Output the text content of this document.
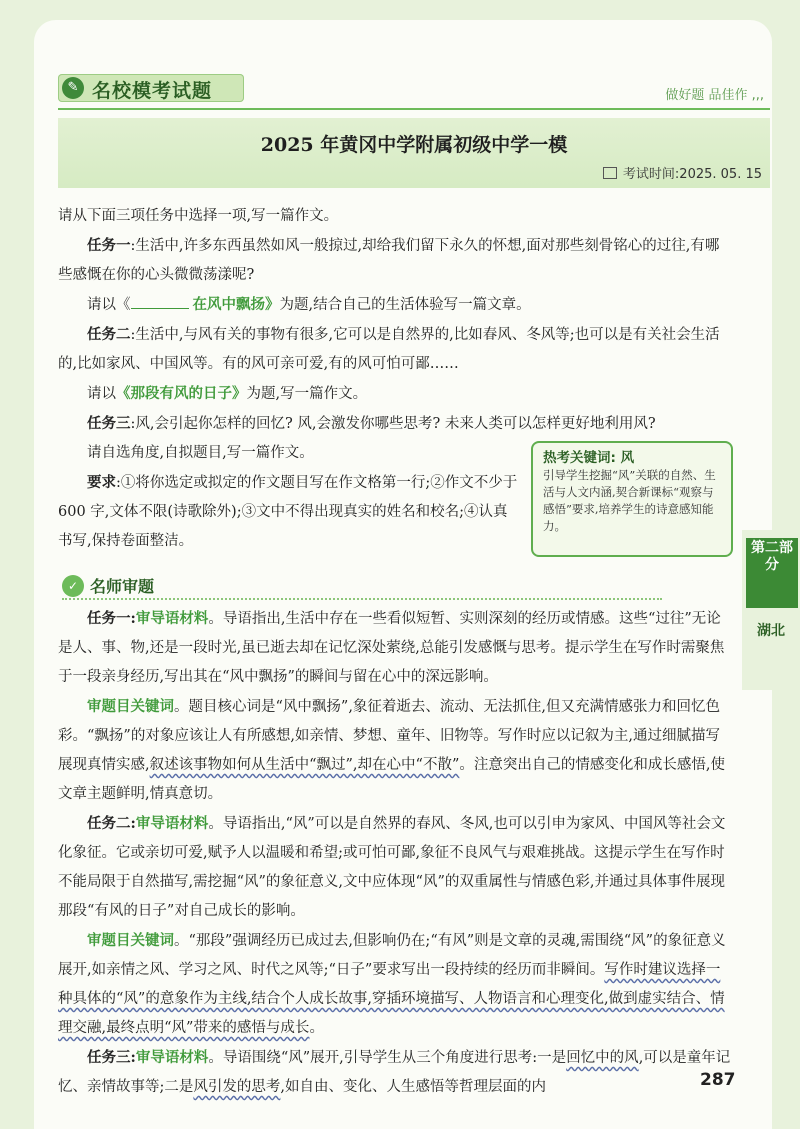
✎ 名校模考试题	做好题 品佳作 ,,,
2025 年黄冈中学附属初级中学一模
考试时间:2025. 05. 15

请从下面三项任务中选择一项,写一篇作文。

任务一:生活中,许多东西虽然如风一般掠过,却给我们留下永久的怀想,面对那些刻骨铭心的过往,有哪些感慨在你的心头微微荡漾呢?

请以《	在风中飘扬》为题,结合自己的生活体验写一篇文章。

任务二:生活中,与风有关的事物有很多,它可以是自然界的,比如春风、冬风等;也可以是有关社会生活的,比如家风、中国风等。有的风可亲可爱,有的风可怕可鄙……

请以《那段有风的日子》为题,写一篇作文。

任务三:风,会引起你怎样的回忆? 风,会激发你哪些思考? 未来人类可以怎样更好地利用风?

请自选角度,自拟题目,写一篇作文。

要求:①将你选定或拟定的作文题目写在作文格第一行;②作文不少于 600 字,文体不限(诗歌除外);③文中不得出现真实的姓名和校名;④认真书写,保持卷面整洁。

热考关键词: 风
引导学生挖掘“风”关联的自然、生活与人文内涵,契合新课标“观察与感悟”要求,培养学生的诗意感知能力。
✓ 名师审题

任务一:审导语材料。导语指出,生活中存在一些看似短暂、实则深刻的经历或情感。这些“过往”无论是人、事、物,还是一段时光,虽已逝去却在记忆深处萦绕,总能引发感慨与思考。提示学生在写作时需聚焦于一段亲身经历,写出其在“风中飘扬”的瞬间与留在心中的深远影响。

审题目关键词。题目核心词是“风中飘扬”,象征着逝去、流动、无法抓住,但又充满情感张力和回忆色彩。“飘扬”的对象应该让人有所感想,如亲情、梦想、童年、旧物等。写作时应以记叙为主,通过细腻描写展现真情实感,叙述该事物如何从生活中“飘过”,却在心中“不散”。注意突出自己的情感变化和成长感悟,使文章主题鲜明,情真意切。

任务二:审导语材料。导语指出,“风”可以是自然界的春风、冬风,也可以引申为家风、中国风等社会文化象征。它或亲切可爱,赋予人以温暖和希望;或可怕可鄙,象征不良风气与艰难挑战。这提示学生在写作时不能局限于自然描写,需挖掘“风”的象征意义,文中应体现“风”的双重属性与情感色彩,并通过具体事件展现那段“有风的日子”对自己成长的影响。

审题目关键词。“那段”强调经历已成过去,但影响仍在;“有风”则是文章的灵魂,需围绕“风”的象征意义展开,如亲情之风、学习之风、时代之风等;“日子”要求写出一段持续的经历而非瞬间。写作时建议选择一种具体的“风”的意象作为主线,结合个人成长故事,穿插环境描写、人物语言和心理变化,做到虚实结合、情理交融,最终点明“风”带来的感悟与成长。

任务三:审导语材料。导语围绕“风”展开,引导学生从三个角度进行思考:一是回忆中的风,可以是童年记忆、亲情故事等;二是风引发的思考,如自由、变化、人生感悟等哲理层面的内

第二部分
湖北
287
